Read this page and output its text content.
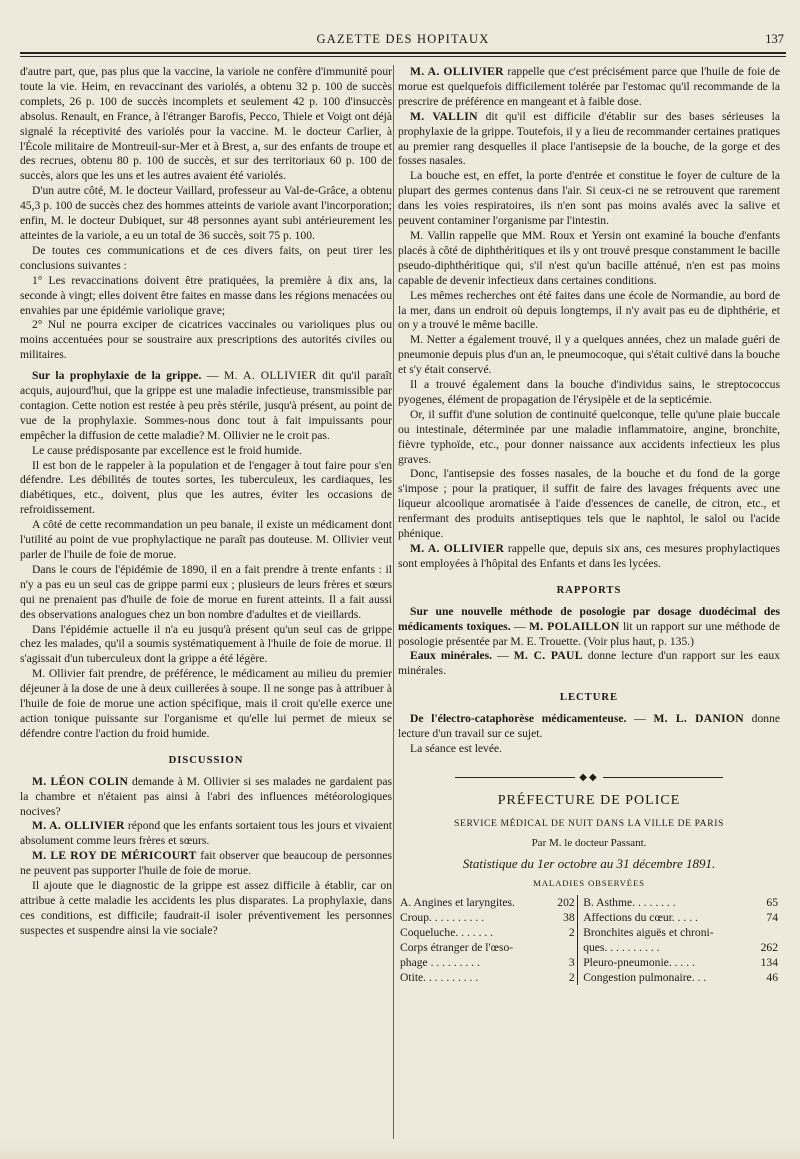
GAZETTE DES HOPITAUX	137

d'autre part, que, pas plus que la vaccine, la variole ne confère d'immunité pour toute la vie. Heim, en revaccinant des variolés, a obtenu 32 p. 100 de succès complets, 26 p. 100 de succès incomplets et seulement 42 p. 100 d'insuccès absolus. Renault, en France, à l'étranger Barofis, Pecco, Thiele et Voigt ont déjà signalé la réceptivité des variolés pour la vaccine. M. le docteur Carlier, à l'École militaire de Montreuil-sur-Mer et à Brest, a, sur des enfants de troupe et des recrues, obtenu 80 p. 100 de succès, et sur des territoriaux 60 p. 100 de succès, alors que les uns et les autres avaient été variolés.

D'un autre côté, M. le docteur Vaillard, professeur au Val-de-Grâce, a obtenu 45,3 p. 100 de succès chez des hommes atteints de variole avant l'incorporation; enfin, M. le docteur Dubiquet, sur 48 personnes ayant subi antérieurement les atteintes de la variole, a eu un total de 36 succès, soit 75 p. 100.

De toutes ces communications et de ces divers faits, on peut tirer les conclusions suivantes :

1° Les revaccinations doivent être pratiquées, la première à dix ans, la seconde à vingt; elles doivent être faites en masse dans les régions menacées ou envahies par une épidémie variolique grave;

2° Nul ne pourra exciper de cicatrices vaccinales ou varioliques plus ou moins accentuées pour se soustraire aux prescriptions des autorités civiles ou militaires.

Sur la prophylaxie de la grippe. — M. A. OLLIVIER dit qu'il paraît acquis, aujourd'hui, que la grippe est une maladie infectieuse, transmissible par contagion. Cette notion est restée à peu près stérile, jusqu'à présent, au point de vue de la prophylaxie. Sommes-nous donc tout à fait impuissants pour empêcher la diffusion de cette maladie? M. Ollivier ne le croit pas.

Le cause prédisposante par excellence est le froid humide.

Il est bon de le rappeler à la population et de l'engager à tout faire pour s'en défendre. Les débilités de toutes sortes, les tuberculeux, les cardiaques, les diabétiques, etc., doivent, plus que les autres, éviter les occasions de refroidissement.

A côté de cette recommandation un peu banale, il existe un médicament dont l'utilité au point de vue prophylactique ne paraît pas douteuse. M. Ollivier veut parler de l'huile de foie de morue.

Dans le cours de l'épidémie de 1890, il en a fait prendre à trente enfants : il n'y a pas eu un seul cas de grippe parmi eux ; plusieurs de leurs frères et sœurs qui ne prenaient pas d'huile de foie de morue en furent atteints. Il a fait aussi des observations analogues chez un bon nombre d'adultes et de vieillards.

Dans l'épidémie actuelle il n'a eu jusqu'à présent qu'un seul cas de grippe chez les malades, qu'il a soumis systématiquement à l'huile de foie de morue. Il s'agissait d'un tuberculeux dont la grippe a été légère.

M. Ollivier fait prendre, de préférence, le médicament au milieu du premier déjeuner à la dose de une à deux cuillerées à soupe. Il ne songe pas à attribuer à l'huile de foie de morue une action spécifique, mais il croit qu'elle exerce une action tonique puissante sur l'organisme et qu'elle lui permet de mieux se défendre contre l'action du froid humide.

DISCUSSION

M. LÉON COLIN demande à M. Ollivier si ses malades ne gardaient pas la chambre et n'étaient pas ainsi à l'abri des influences météorologiques nocives?

M. A. OLLIVIER répond que les enfants sortaient tous les jours et vivaient absolument comme leurs frères et sœurs.

M. LE ROY DE MÉRICOURT fait observer que beaucoup de personnes ne peuvent pas supporter l'huile de foie de morue.

Il ajoute que le diagnostic de la grippe est assez difficile à établir, car on attribue à cette maladie les accidents les plus disparates. La prophylaxie, dans ces conditions, est difficile; faudrait-il isoler préventivement les personnes suspectes et suspendre ainsi la vie sociale?

M. A. OLLIVIER rappelle que c'est précisément parce que l'huile de foie de morue est quelquefois difficilement tolérée par l'estomac qu'il recommande de la prescrire de préférence en mangeant et à faible dose.

M. VALLIN dit qu'il est difficile d'établir sur des bases sérieuses la prophylaxie de la grippe. Toutefois, il y a lieu de recommander certaines pratiques au premier rang desquelles il place l'antisepsie de la bouche, de la gorge et des fosses nasales.

La bouche est, en effet, la porte d'entrée et constitue le foyer de culture de la plupart des germes contenus dans l'air. Si ceux-ci ne se retrouvent que rarement dans les voies respiratoires, ils n'en sont pas moins avalés avec la salive et peuvent contaminer l'organisme par l'intestin.

M. Vallin rappelle que MM. Roux et Yersin ont examiné la bouche d'enfants placés à côté de diphthéritiques et ils y ont trouvé presque constamment le bacille pseudo-diphthéritique qui, s'il n'est qu'un bacille atténué, n'en est pas moins capable de devenir infectieux dans certaines conditions.

Les mêmes recherches ont été faites dans une école de Normandie, au bord de la mer, dans un endroit où depuis longtemps, il n'y avait pas eu de diphthérie, et on y a trouvé le même bacille.

M. Netter a également trouvé, il y a quelques années, chez un malade guéri de pneumonie depuis plus d'un an, le pneumocoque, qui s'était cultivé dans la bouche et s'y était conservé.

Il a trouvé également dans la bouche d'individus sains, le streptococcus pyogenes, élément de propagation de l'érysipèle et de la septicémie.

Or, il suffit d'une solution de continuité quelconque, telle qu'une plaie buccale ou intestinale, déterminée par une maladie inflammatoire, angine, bronchite, fièvre typhoïde, etc., pour donner naissance aux accidents infectieux les plus graves.

Donc, l'antisepsie des fosses nasales, de la bouche et du fond de la gorge s'impose ; pour la pratiquer, il suffit de faire des lavages fréquents avec une liqueur alcoolique aromatisée à l'aide d'essences de canelle, de citron, etc., et renfermant des produits antiseptiques tels que le naphtol, le salol ou l'acide phénique.

M. A. OLLIVIER rappelle que, depuis six ans, ces mesures prophylactiques sont employées à l'hôpital des Enfants et dans les lycées.

RAPPORTS

Sur une nouvelle méthode de posologie par dosage duodécimal des médicaments toxiques. — M. POLAILLON lit un rapport sur une méthode de posologie présentée par M. E. Trouette. (Voir plus haut, p. 135.)

Eaux minérales. — M. C. PAUL donne lecture d'un rapport sur les eaux minérales.

LECTURE

De l'électro-cataphorèse médicamenteuse. — M. L. DANION donne lecture d'un travail sur ce sujet.

La séance est levée.

◆◆
PRÉFECTURE DE POLICE
SERVICE MÉDICAL DE NUIT DANS LA VILLE DE PARIS
Par M. le docteur Passant.
Statistique du 1er octobre au 31 décembre 1891.
MALADIES OBSERVÉES
A. Angines et laryngites.	202		B. Asthme. . . . . . . .	65
Croup. . . . . . . . . .	38		Affections du cœur. . . . .	74
Coqueluche. . . . . . .	2		Bronchites aiguës et chroni-	
Corps étranger de l'œso-			ques. . . . . . . . . .	262
phage . . . . . . . . .	3		Pleuro-pneumonie. . . . .	134
Otite. . . . . . . . . .	2		Congestion pulmonaire. . .	46
